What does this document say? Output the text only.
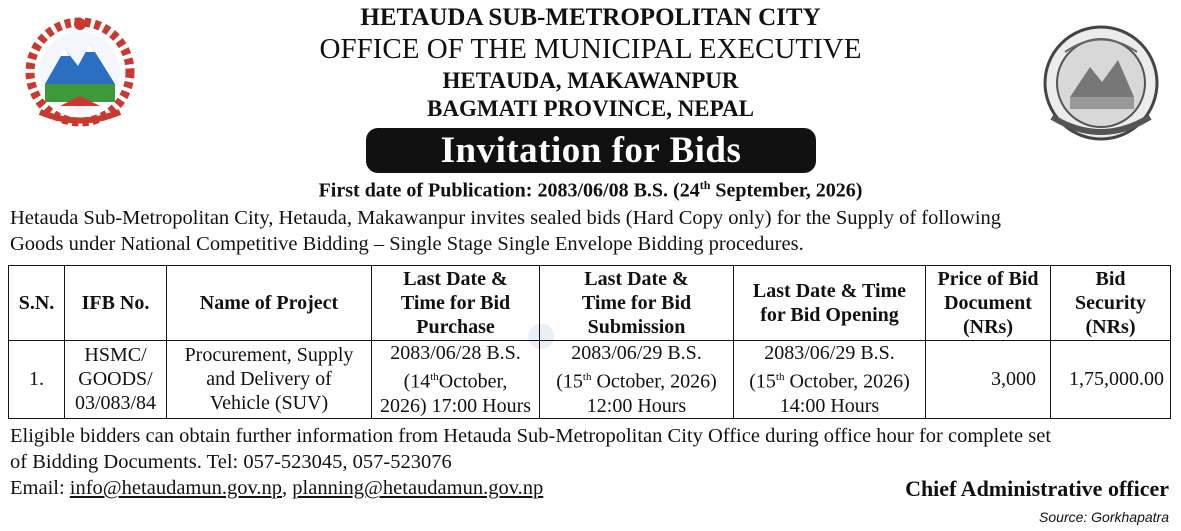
●
HETAUDA SUB-METROPOLITAN CITY
OFFICE OF THE MUNICIPAL EXECUTIVE
HETAUDA, MAKAWANPUR
BAGMATI PROVINCE, NEPAL
Invitation for Bids
First date of Publication: 2083/06/08 B.S. (24th September, 2026)
Hetauda Sub-Metropolitan City, Hetauda, Makawanpur invites sealed bids (Hard Copy only) for the Supply of following
Goods under National Competitive Bidding – Single Stage Single Envelope Bidding procedures.
S.N.	IFB No.	Name of Project	Last Date &
Time for Bid
Purchase	Last Date &
Time for Bid
Submission	Last Date & Time
for Bid Opening	Price of Bid
Document
(NRs)	Bid
Security
(NRs)
1.	HSMC/
GOODS/
03/083/84	Procurement, Supply
and Delivery of
Vehicle (SUV)	2083/06/28 B.S.
(14thOctober,
2026) 17:00 Hours	2083/06/29 B.S.
(15th October, 2026)
12:00 Hours	2083/06/29 B.S.
(15th October, 2026)
14:00 Hours	3,000	1,75,000.00
Eligible bidders can obtain further information from Hetauda Sub-Metropolitan City Office during office hour for complete set
of Bidding Documents. Tel: 057-523045, 057-523076
Email: info@hetaudamun.gov.np, planning@hetaudamun.gov.np	Chief Administrative officer
Source: Gorkhapatra
